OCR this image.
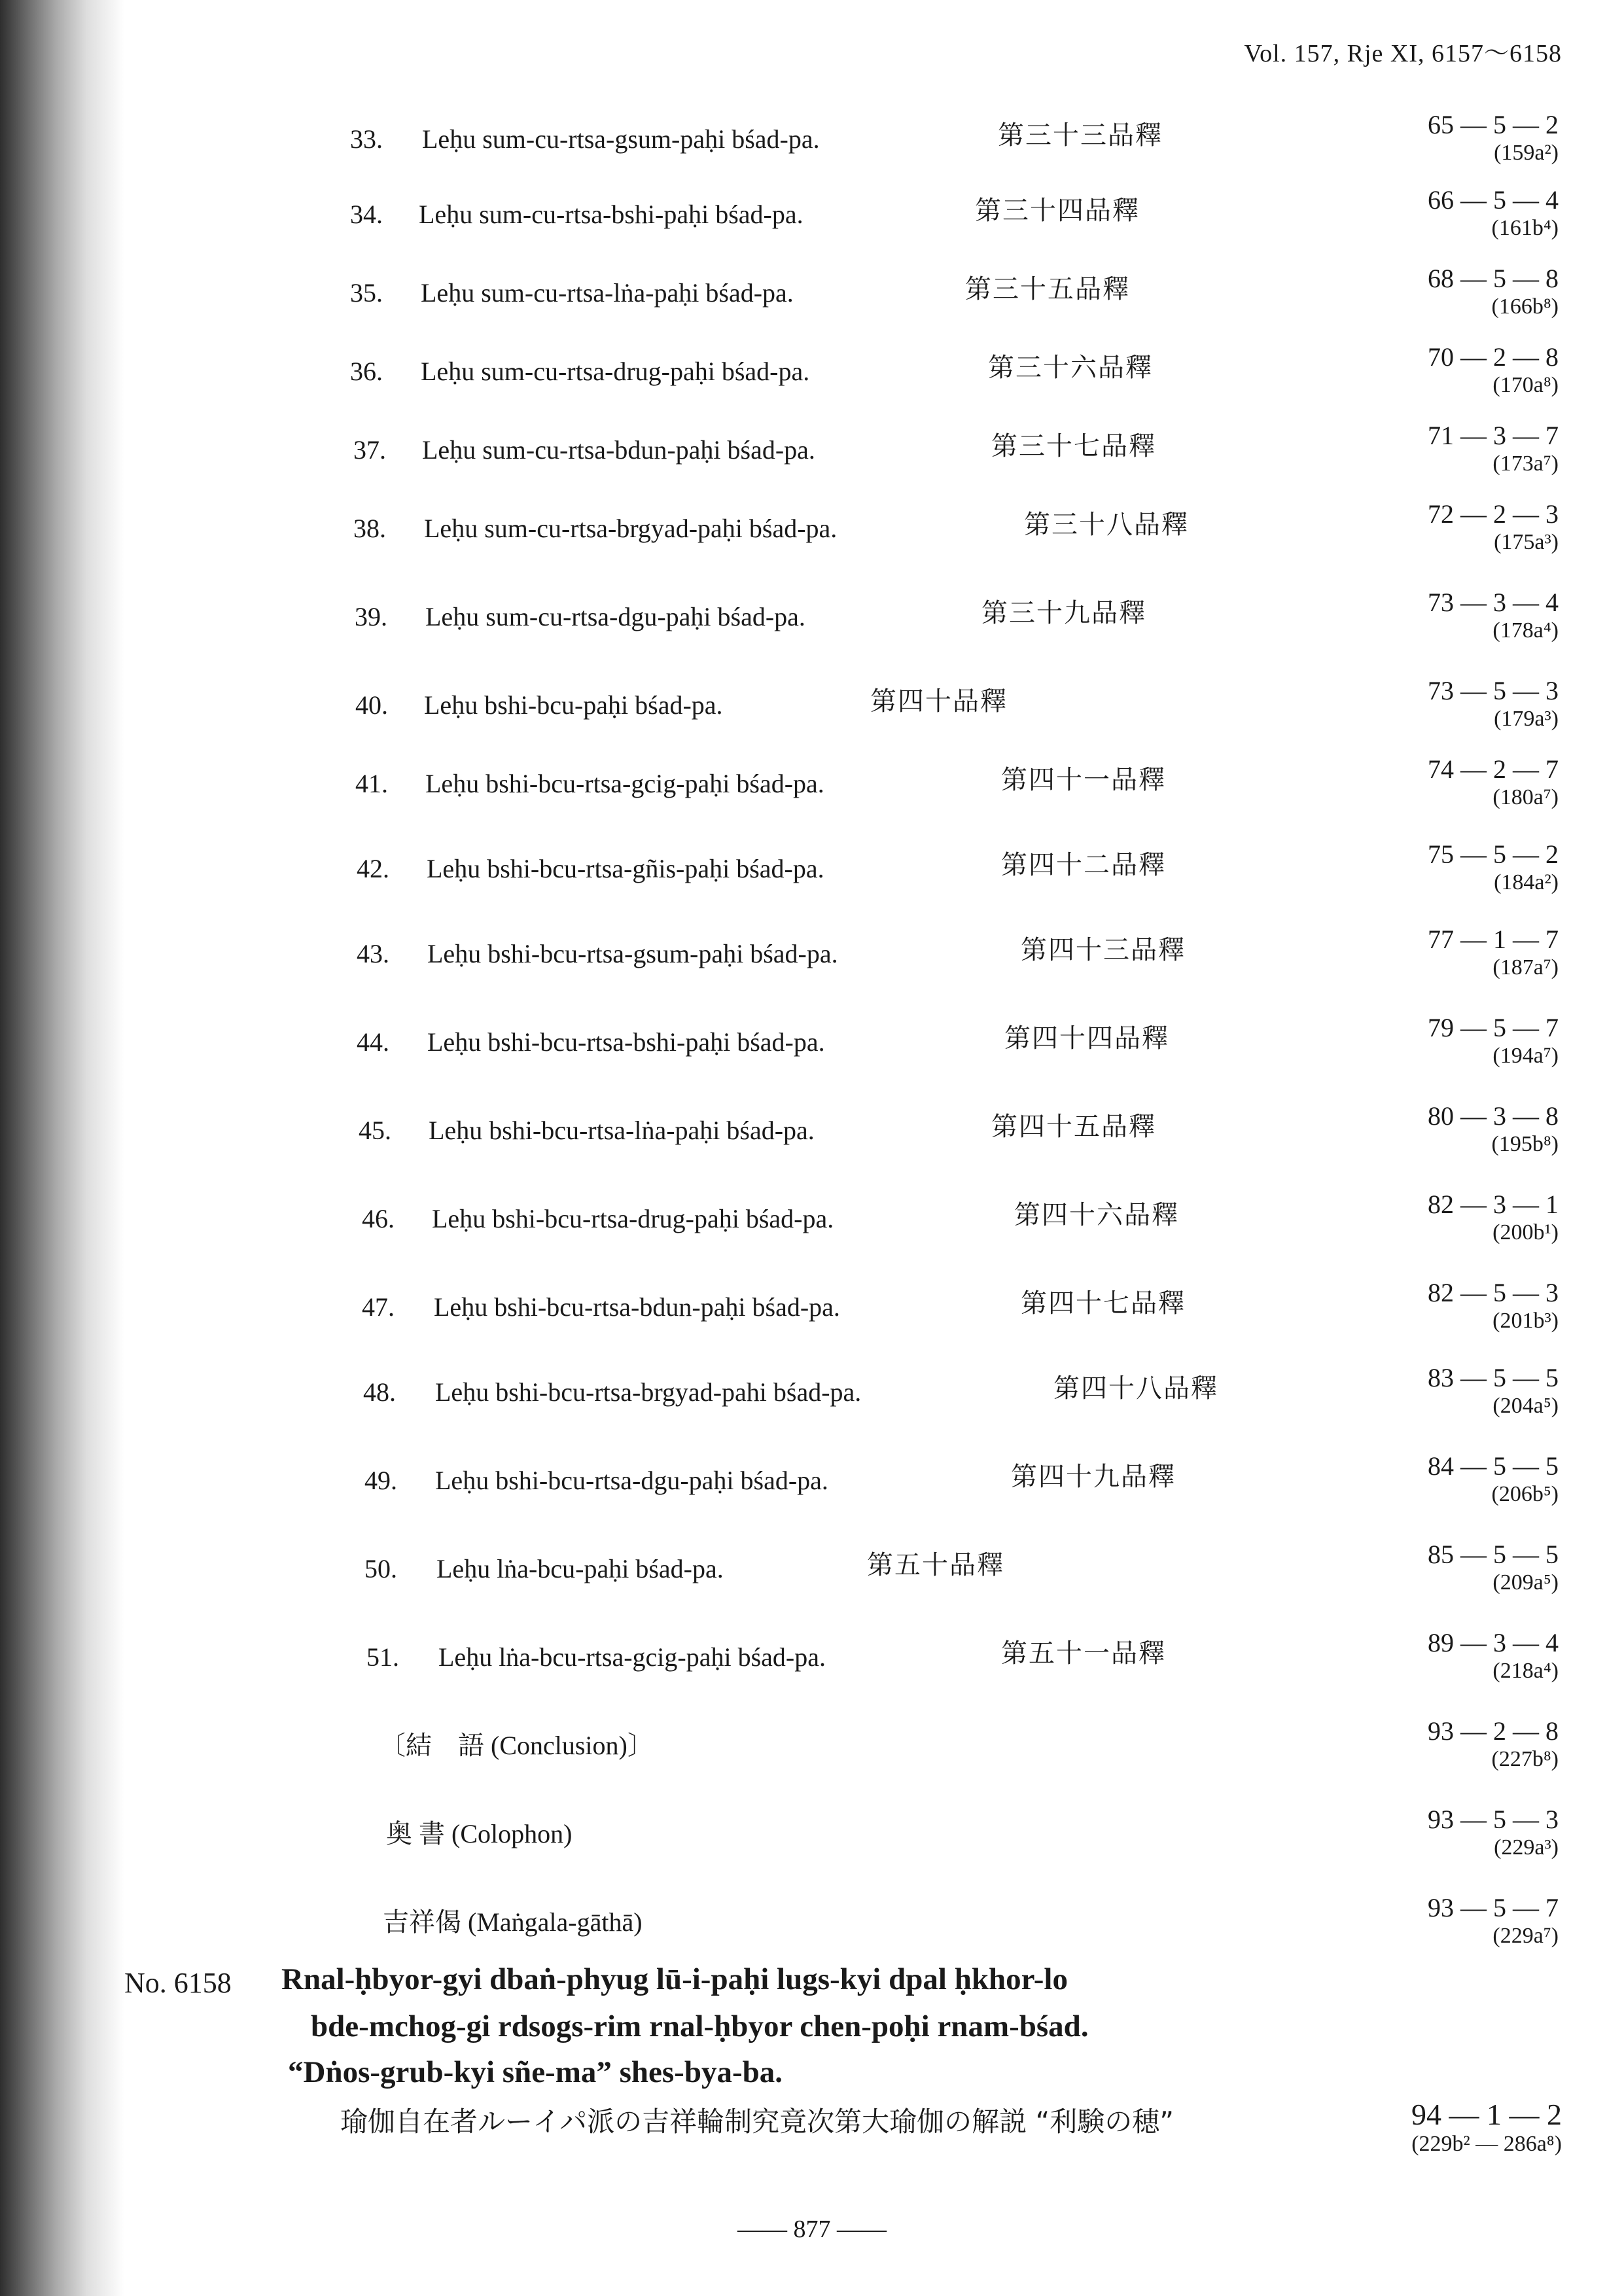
Vol. 157, Rje XI, 6157～6158
33. Leḥu sum-cu-rtsa-gsum-paḥi bśad-pa.	第三十三品釋	65 — 5 — 2
(159a²)
34. Leḥu sum-cu-rtsa-bshi-paḥi bśad-pa.	第三十四品釋	66 — 5 — 4
(161b⁴)
35. Leḥu sum-cu-rtsa-lṅa-paḥi bśad-pa.	第三十五品釋	68 — 5 — 8
(166b⁸)
36. Leḥu sum-cu-rtsa-drug-paḥi bśad-pa.	第三十六品釋	70 — 2 — 8
(170a⁸)
37. Leḥu sum-cu-rtsa-bdun-paḥi bśad-pa.	第三十七品釋	71 — 3 — 7
(173a⁷)
38. Leḥu sum-cu-rtsa-brgyad-paḥi bśad-pa.	第三十八品釋	72 — 2 — 3
(175a³)
39. Leḥu sum-cu-rtsa-dgu-paḥi bśad-pa.	第三十九品釋	73 — 3 — 4
(178a⁴)
40. Leḥu bshi-bcu-paḥi bśad-pa.	第四十品釋	73 — 5 — 3
(179a³)
41. Leḥu bshi-bcu-rtsa-gcig-paḥi bśad-pa.	第四十一品釋	74 — 2 — 7
(180a⁷)
42. Leḥu bshi-bcu-rtsa-gñis-paḥi bśad-pa.	第四十二品釋	75 — 5 — 2
(184a²)
43. Leḥu bshi-bcu-rtsa-gsum-paḥi bśad-pa.	第四十三品釋	77 — 1 — 7
(187a⁷)
44. Leḥu bshi-bcu-rtsa-bshi-paḥi bśad-pa.	第四十四品釋	79 — 5 — 7
(194a⁷)
45. Leḥu bshi-bcu-rtsa-lṅa-paḥi bśad-pa.	第四十五品釋	80 — 3 — 8
(195b⁸)
46. Leḥu bshi-bcu-rtsa-drug-paḥi bśad-pa.	第四十六品釋	82 — 3 — 1
(200b¹)
47. Leḥu bshi-bcu-rtsa-bdun-paḥi bśad-pa.	第四十七品釋	82 — 5 — 3
(201b³)
48. Leḥu bshi-bcu-rtsa-brgyad-pahi bśad-pa.	第四十八品釋	83 — 5 — 5
(204a⁵)
49. Leḥu bshi-bcu-rtsa-dgu-paḥi bśad-pa.	第四十九品釋	84 — 5 — 5
(206b⁵)
50. Leḥu lṅa-bcu-paḥi bśad-pa.	第五十品釋	85 — 5 — 5
(209a⁵)
51. Leḥu lṅa-bcu-rtsa-gcig-paḥi bśad-pa.	第五十一品釋	89 — 3 — 4
(218a⁴)
〔結　語 (Conclusion)〕	93 — 2 — 8
(227b⁸)
奥 書 (Colophon)	93 — 5 — 3
(229a³)
吉祥偈 (Maṅgala-gāthā)	93 — 5 — 7
(229a⁷)
No. 6158 Rnal-ḥbyor-gyi dbaṅ-phyug lū-i-paḥi lugs-kyi dpal ḥkhor-lo
bde-mchog-gi rdsogs-rim rnal-ḥbyor chen-poḥi rnam-bśad.
“Dṅos-grub-kyi sñe-ma” shes-bya-ba.
瑜伽自在者ルーイパ派の吉祥輪制究竟次第大瑜伽の解説 “利験の穂”	94 — 1 — 2
(229b² — 286a⁸)
—— 877 ——
